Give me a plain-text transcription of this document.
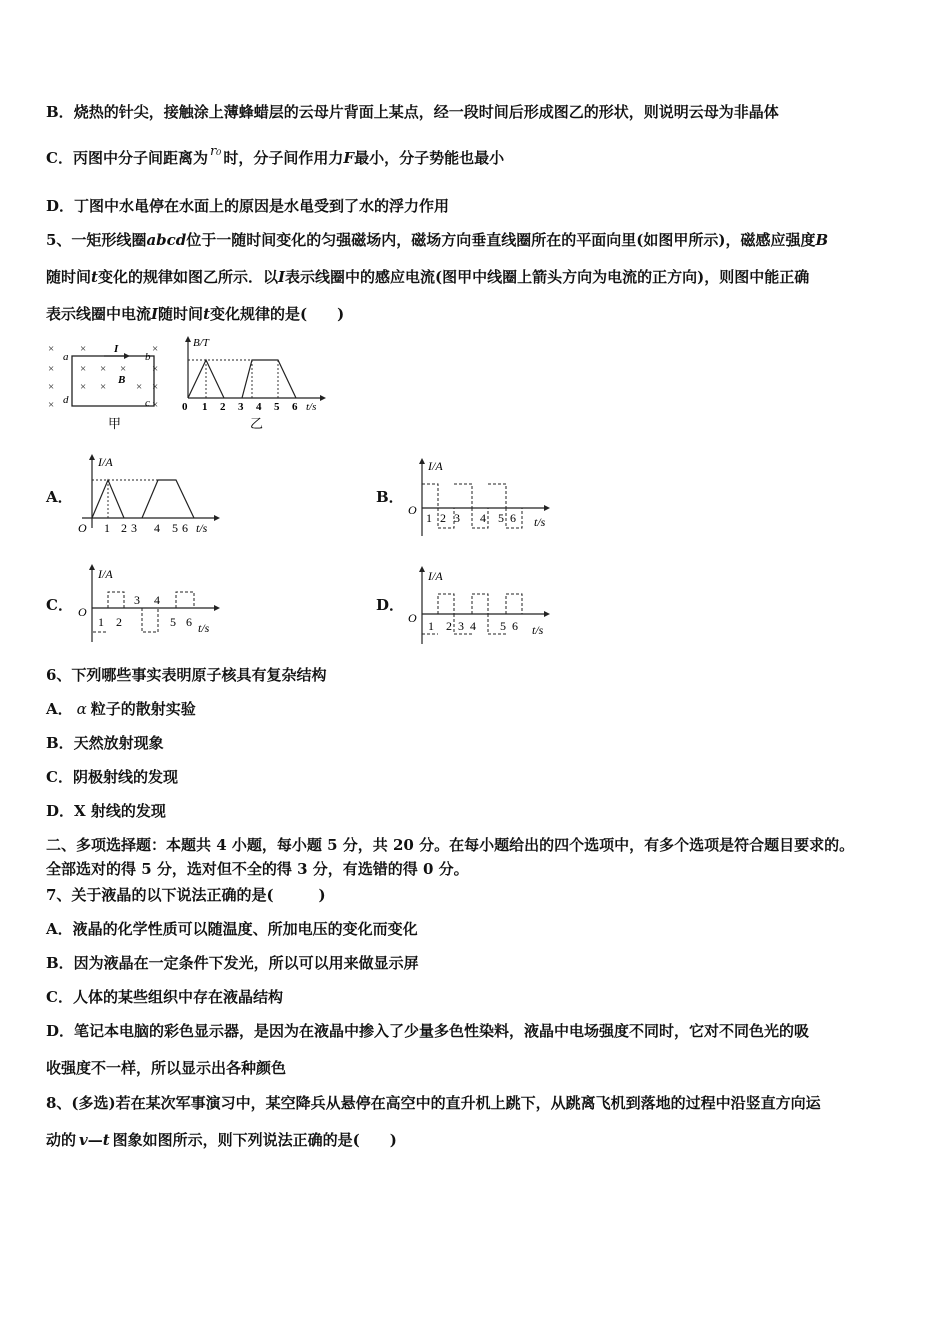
B．烧热的针尖，接触涂上薄蜂蜡层的云母片背面上某点，经一段时间后形成图乙的形状，则说明云母为非晶体
C．丙图中分子间距离为 r₀ 时，分子间作用力F最小，分子势能也最小
D．丁图中水黾停在水面上的原因是水黾受到了水的浮力作用
5、一矩形线圈abcd位于一随时间变化的匀强磁场内，磁场方向垂直线圈所在的平面向里(如图甲所示)，磁感应强度B
随时间t变化的规律如图乙所示．以I表示线圈中的感应电流(图甲中线圈上箭头方向为电流的正方向)，则图中能正确
表示线圈中电流I随时间t变化规律的是(　　)
×
×
×
×
×
×
×
×
× × ×
× ×
×
×
I
B
a	b
d	c
甲
B/T
0 1 2 3 4 5 6 t/s
乙
A．
I/A
O 1 2 3 4 5 6 t/s
B．
I/A
O
1 2 3 4 5 6 t/s
C．
I/A
O
1 2
3 4
5 6 t/s
D．
I/A
O
1 2 3 4 5 6 t/s
6、下列哪些事实表明原子核具有复杂结构
A． α 粒子的散射实验
B．天然放射现象
C．阴极射线的发现
D．X 射线的发现
二、多项选择题：本题共 4 小题，每小题 5 分，共 20 分。在每小题给出的四个选项中，有多个选项是符合题目要求的。
全部选对的得 5 分，选对但不全的得 3 分，有选错的得 0 分。
7、关于液晶的以下说法正确的是(　　　)
A．液晶的化学性质可以随温度、所加电压的变化而变化
B．因为液晶在一定条件下发光，所以可以用来做显示屏
C．人体的某些组织中存在液晶结构
D．笔记本电脑的彩色显示器，是因为在液晶中掺入了少量多色性染料，液晶中电场强度不同时，它对不同色光的吸
收强度不一样，所以显示出各种颜色
8、(多选)若在某次军事演习中，某空降兵从悬停在高空中的直升机上跳下，从跳离飞机到落地的过程中沿竖直方向运
动的 v—t 图象如图所示，则下列说法正确的是(　　)
